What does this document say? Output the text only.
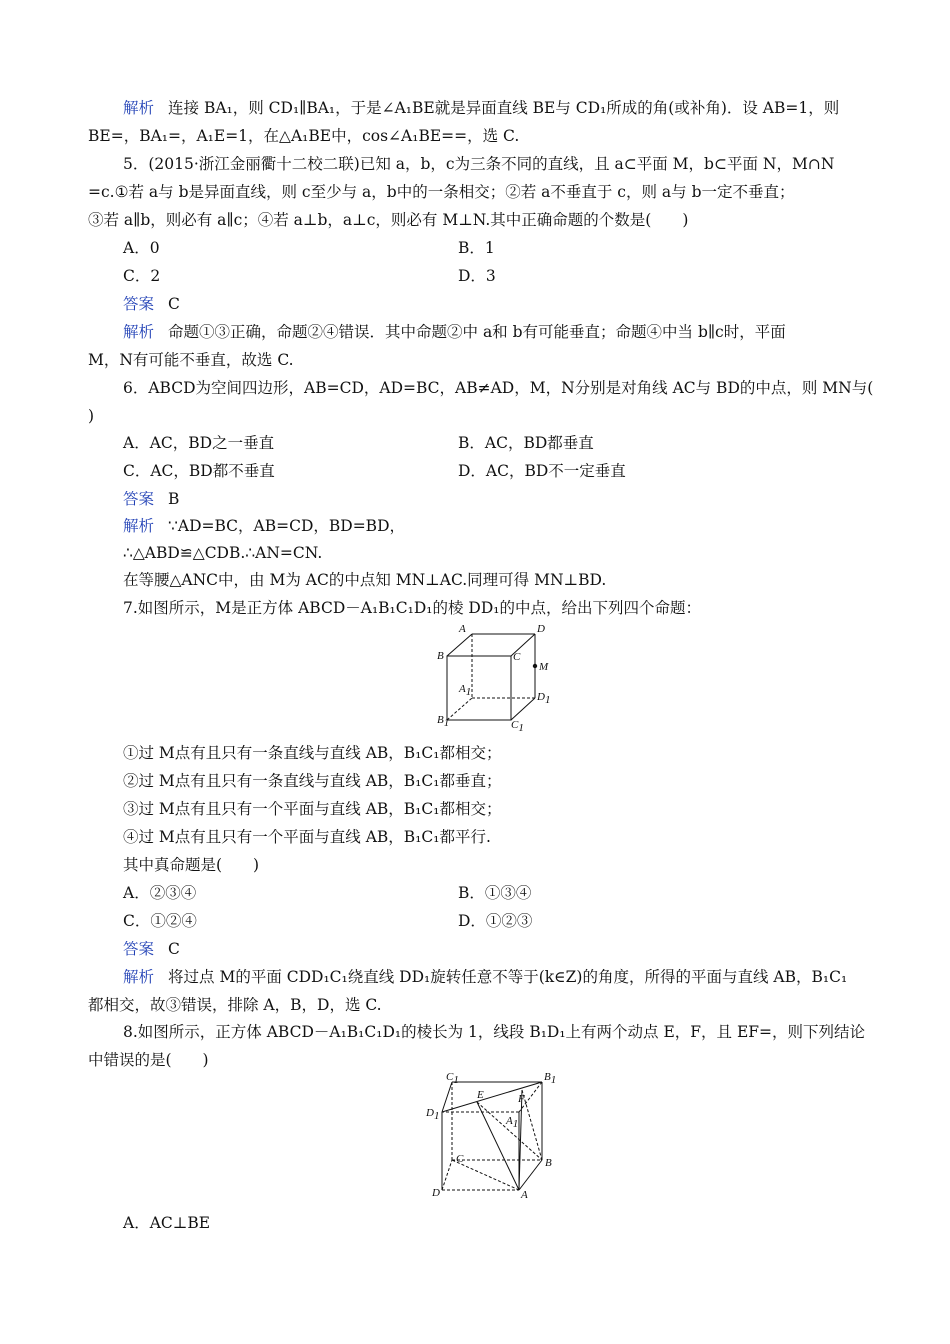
解析 连接 BA₁，则 CD₁∥BA₁，于是∠A₁BE就是异面直线 BE与 CD₁所成的角(或补角)．设 AB=1，则
BE=，BA₁=，A₁E=1，在△A₁BE中，cos∠A₁BE==，选 C.
5．(2015·浙江金丽衢十二校二联)已知 a，b，c为三条不同的直线，且 a⊂平面 M，b⊂平面 N，M∩N
=c.①若 a与 b是异面直线，则 c至少与 a，b中的一条相交；②若 a不垂直于 c，则 a与 b一定不垂直；
③若 a∥b，则必有 a∥c；④若 a⊥b，a⊥c，则必有 M⊥N.其中正确命题的个数是(　　)
A．0	B．1
C．2	D．3
答案 C
解析 命题①③正确，命题②④错误．其中命题②中 a和 b有可能垂直；命题④中当 b∥c时，平面
M，N有可能不垂直，故选 C.
6．ABCD为空间四边形，AB=CD，AD=BC，AB≠AD，M，N分别是对角线 AC与 BD的中点，则 MN与(
)
A．AC，BD之一垂直	B．AC，BD都垂直
C．AC，BD都不垂直	D．AC，BD不一定垂直
答案 B
解析 ∵AD=BC，AB=CD，BD=BD，
∴△ABD≌△CDB.∴AN=CN.
在等腰△ANC中，由 M为 AC的中点知 MN⊥AC.同理可得 MN⊥BD.
7.如图所示，M是正方体 ABCD－A₁B₁C₁D₁的棱 DD₁的中点，给出下列四个命题：
A	D
B	C
M
A1	D1
B1	C1
①过 M点有且只有一条直线与直线 AB，B₁C₁都相交；
②过 M点有且只有一条直线与直线 AB，B₁C₁都垂直；
③过 M点有且只有一个平面与直线 AB，B₁C₁都相交；
④过 M点有且只有一个平面与直线 AB，B₁C₁都平行.
其中真命题是(　　)
A．②③④	B．①③④
C．①②④	D．①②③
答案 C
解析 将过点 M的平面 CDD₁C₁绕直线 DD₁旋转任意不等于(k∈Z)的角度，所得的平面与直线 AB，B₁C₁
都相交，故③错误，排除 A，B，D，选 C.
8.如图所示，正方体 ABCD－A₁B₁C₁D₁的棱长为 1，线段 B₁D₁上有两个动点 E，F，且 EF=，则下列结论
中错误的是(　　)
C1	B1
D1	A1
E	F
C	B
D	A
A．AC⊥BE
